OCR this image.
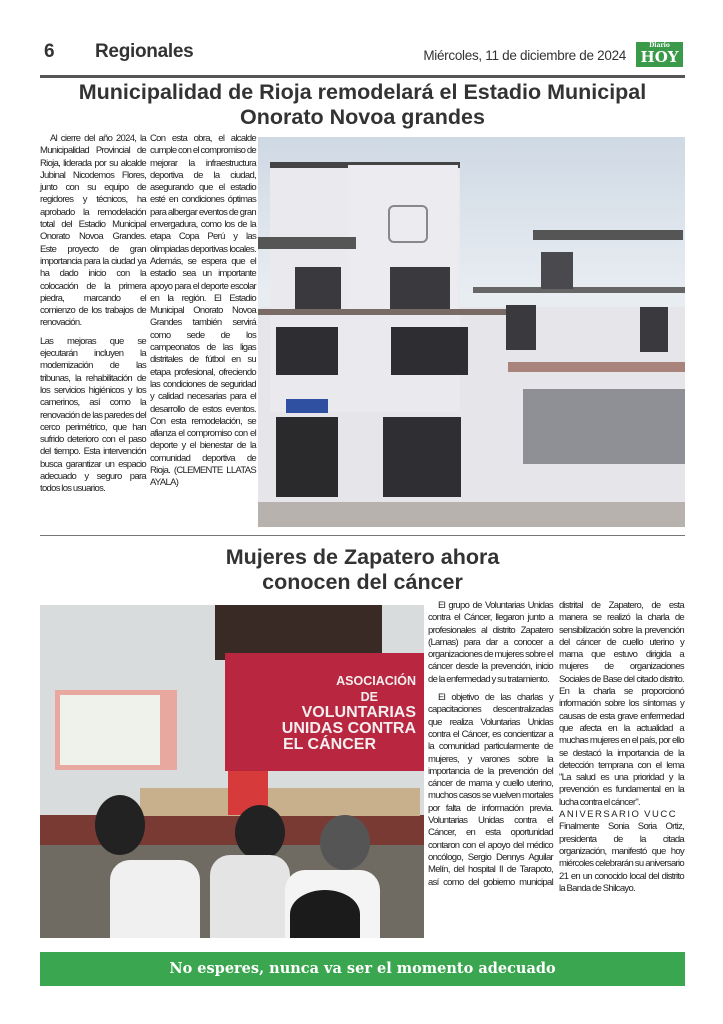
6 Regionales	Miércoles, 11 de diciembre de 2024
Diario
HOY
Municipalidad de Rioja remodelará el Estadio Municipal
Onorato Novoa grandes

Al cierre del año 2024, la Municipalidad Provincial de Rioja, liderada por su alcalde Jubinal Nicodemos Flores, junto con su equipo de regidores y técnicos, ha aprobado la remodelación total del Estadio Municipal Onorato Novoa Grandes. Este proyecto de gran importancia para la ciudad ya ha dado inicio con la colocación de la primera piedra, marcando el comienzo de los trabajos de renovación.

Las mejoras que se ejecutarán incluyen la modernización de las tribunas, la rehabilitación de los servicios higiénicos y los camerinos, así como la renovación de las paredes del cerco perimétrico, que han sufrido deterioro con el paso del tiempo. Esta intervención busca garantizar un espacio adecuado y seguro para todos los usuarios.

Con esta obra, el alcalde cumple con el compromiso de mejorar la infraestructura deportiva de la ciudad, asegurando que el estadio esté en condiciones óptimas para albergar eventos de gran envergadura, como los de la etapa Copa Perú y las olimpiadas deportivas locales. Además, se espera que el estadio sea un importante apoyo para el deporte escolar en la región. El Estadio Municipal Onorato Novoa Grandes también servirá como sede de los campeonatos de las ligas distritales de fútbol en su etapa profesional, ofreciendo las condiciones de seguridad y calidad necesarias para el desarrollo de estos eventos. Con esta remodelación, se afianza el compromiso con el deporte y el bienestar de la comunidad deportiva de Rioja. (CLEMENTE LLATAS AYALA)

Mujeres de Zapatero ahora
conocen del cáncer
ASOCIACIÓN
DE
VOLUNTARIAS
UNIDAS CONTRA
EL CÁNCER

El grupo de Voluntarias Unidas contra el Cáncer, llegaron junto a profesionales al distrito Zapatero (Lamas) para dar a conocer a organizaciones de mujeres sobre el cáncer desde la prevención, inicio de la enfermedad y su tratamiento.

El objetivo de las charlas y capacitaciones descentralizadas que realiza Voluntarias Unidas contra el Cáncer, es concientizar a la comunidad particularmente de mujeres, y varones sobre la importancia de la prevención del cáncer de mama y cuello uterino, muchos casos se vuelven mortales por falta de información previa. Voluntarias Unidas contra el Cáncer, en esta oportunidad contaron con el apoyo del médico oncólogo, Sergio Dennys Aguilar Melín, del hospital II de Tarapoto, así como del gobierno municipal distrital de Zapatero, de esta manera se realizó la charla de sensibilización sobre la prevención del cáncer de cuello uterino y mama que estuvo dirigida a mujeres de organizaciones Sociales de Base del citado distrito. En la charla se proporcionó información sobre los síntomas y causas de esta grave enfermedad que afecta en la actualidad a muchas mujeres en el país, por ello se destacó la importancia de la detección temprana con el lema "La salud es una prioridad y la prevención es fundamental en la lucha contra el cáncer".

ANIVERSARIO VUCC

Finalmente Sonia Soria Ortiz, presidenta de la citada organización, manifestó que hoy miércoles celebrarán su aniversario 21 en un conocido local del distrito la Banda de Shilcayo.

No esperes, nunca va ser el momento adecuado
